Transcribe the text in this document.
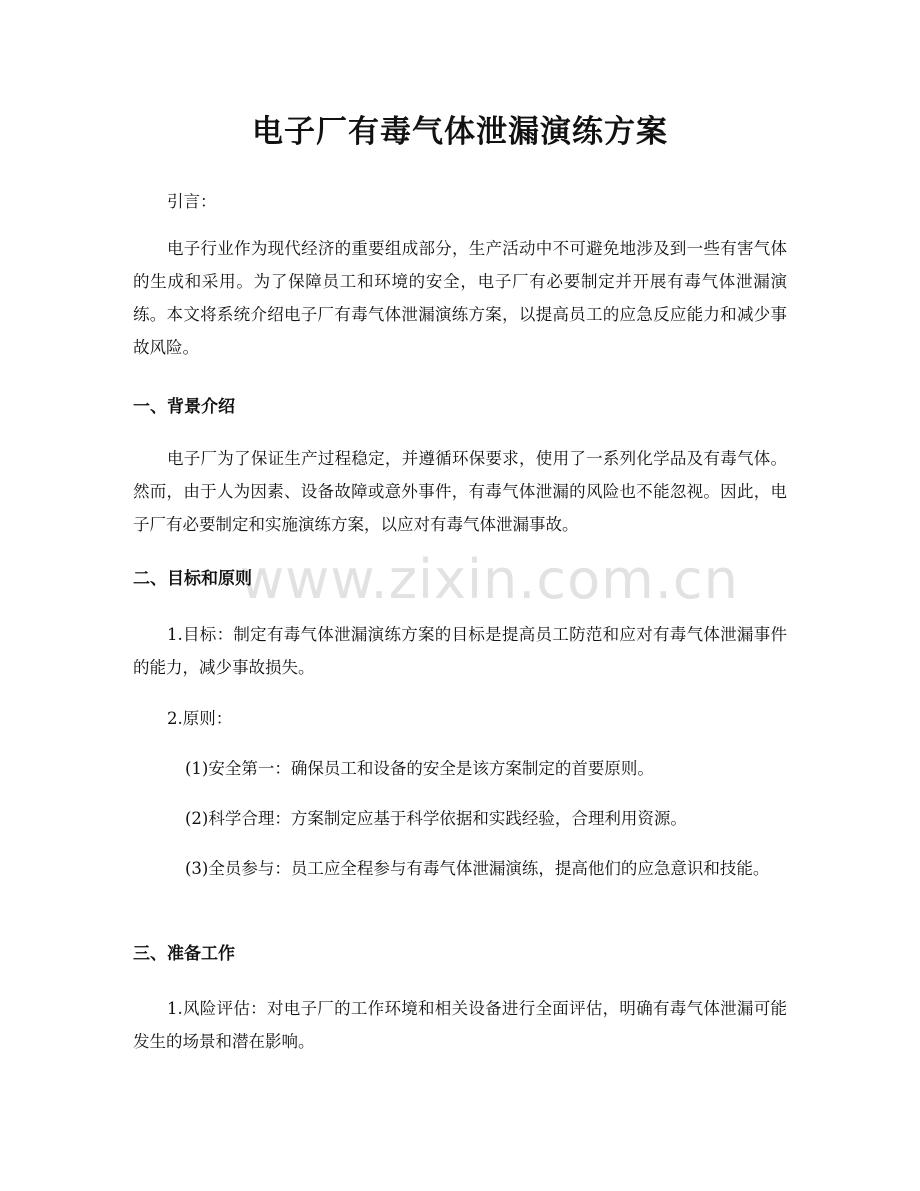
www.zixin.com.cn
电子厂有毒气体泄漏演练方案
引言：
电子行业作为现代经济的重要组成部分，生产活动中不可避免地涉及到一些有害气体的生成和采用。为了保障员工和环境的安全，电子厂有必要制定并开展有毒气体泄漏演练。本文将系统介绍电子厂有毒气体泄漏演练方案，以提高员工的应急反应能力和减少事故风险。
一、背景介绍
电子厂为了保证生产过程稳定，并遵循环保要求，使用了一系列化学品及有毒气体。然而，由于人为因素、设备故障或意外事件，有毒气体泄漏的风险也不能忽视。因此，电子厂有必要制定和实施演练方案，以应对有毒气体泄漏事故。
二、目标和原则
1.目标：制定有毒气体泄漏演练方案的目标是提高员工防范和应对有毒气体泄漏事件的能力，减少事故损失。
2.原则：
(1)安全第一：确保员工和设备的安全是该方案制定的首要原则。
(2)科学合理：方案制定应基于科学依据和实践经验，合理利用资源。
(3)全员参与：员工应全程参与有毒气体泄漏演练，提高他们的应急意识和技能。
三、准备工作
1.风险评估：对电子厂的工作环境和相关设备进行全面评估，明确有毒气体泄漏可能发生的场景和潜在影响。
